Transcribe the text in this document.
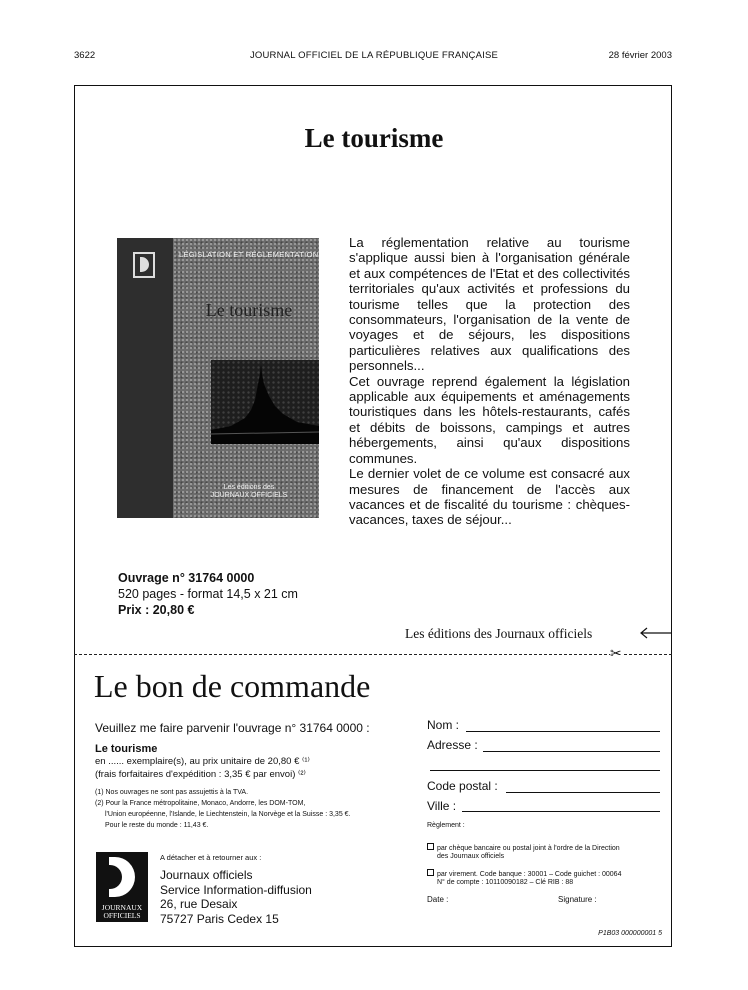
3622	JOURNAL OFFICIEL DE LA RÉPUBLIQUE FRANÇAISE	28 février 2003
Le tourisme
LÉGISLATION ET RÉGLEMENTATION
Le tourisme
Les éditions des
JOURNAUX OFFICIELS

La réglementation relative au tourisme s'applique aussi bien à l'organisation générale et aux compétences de l'Etat et des collectivités territoriales qu'aux activités et professions du tourisme telles que la protection des consommateurs, l'organisation de la vente de voyages et de séjours, les dispositions particulières relatives aux qualifications des personnels...

Cet ouvrage reprend également la législation applicable aux équipements et aménagements touristiques dans les hôtels-restaurants, cafés et débits de boissons, campings et autres hébergements, ainsi qu'aux dispositions communes.

Le dernier volet de ce volume est consacré aux mesures de financement de l'accès aux vacances et de fiscalité du tourisme : chèques-vacances, taxes de séjour...

Ouvrage n° 31764 0000
520 pages - format 14,5 x 21 cm
Prix : 20,80 €
Les éditions des Journaux officiels
✂
Le bon de commande
Veuillez me faire parvenir l'ouvrage n° 31764 0000 :
Le tourisme
en ...... exemplaire(s), au prix unitaire de 20,80 € ⁽¹⁾
(frais forfaitaires d'expédition : 3,35 € par envoi) ⁽²⁾
(1) Nos ouvrages ne sont pas assujettis à la TVA.
(2) Pour la France métropolitaine, Monaco, Andorre, les DOM-TOM,
l'Union européenne, l'Islande, le Liechtenstein, la Norvège et la Suisse : 3,35 €.
Pour le reste du monde : 11,43 €.
JOURNAUX
OFFICIELS
A détacher et à retourner aux :
Journaux officiels
Service Information-diffusion
26, rue Desaix
75727 Paris Cedex 15
Nom :
Adresse :
Code postal :
Ville :
Règlement :
par chèque bancaire ou postal joint à l'ordre de la Direction
des Journaux officiels
par virement. Code banque : 30001 – Code guichet : 00064
N° de compte : 10110090182 – Clé RIB : 88
Date :	Signature :
P1B03 000000001 5
